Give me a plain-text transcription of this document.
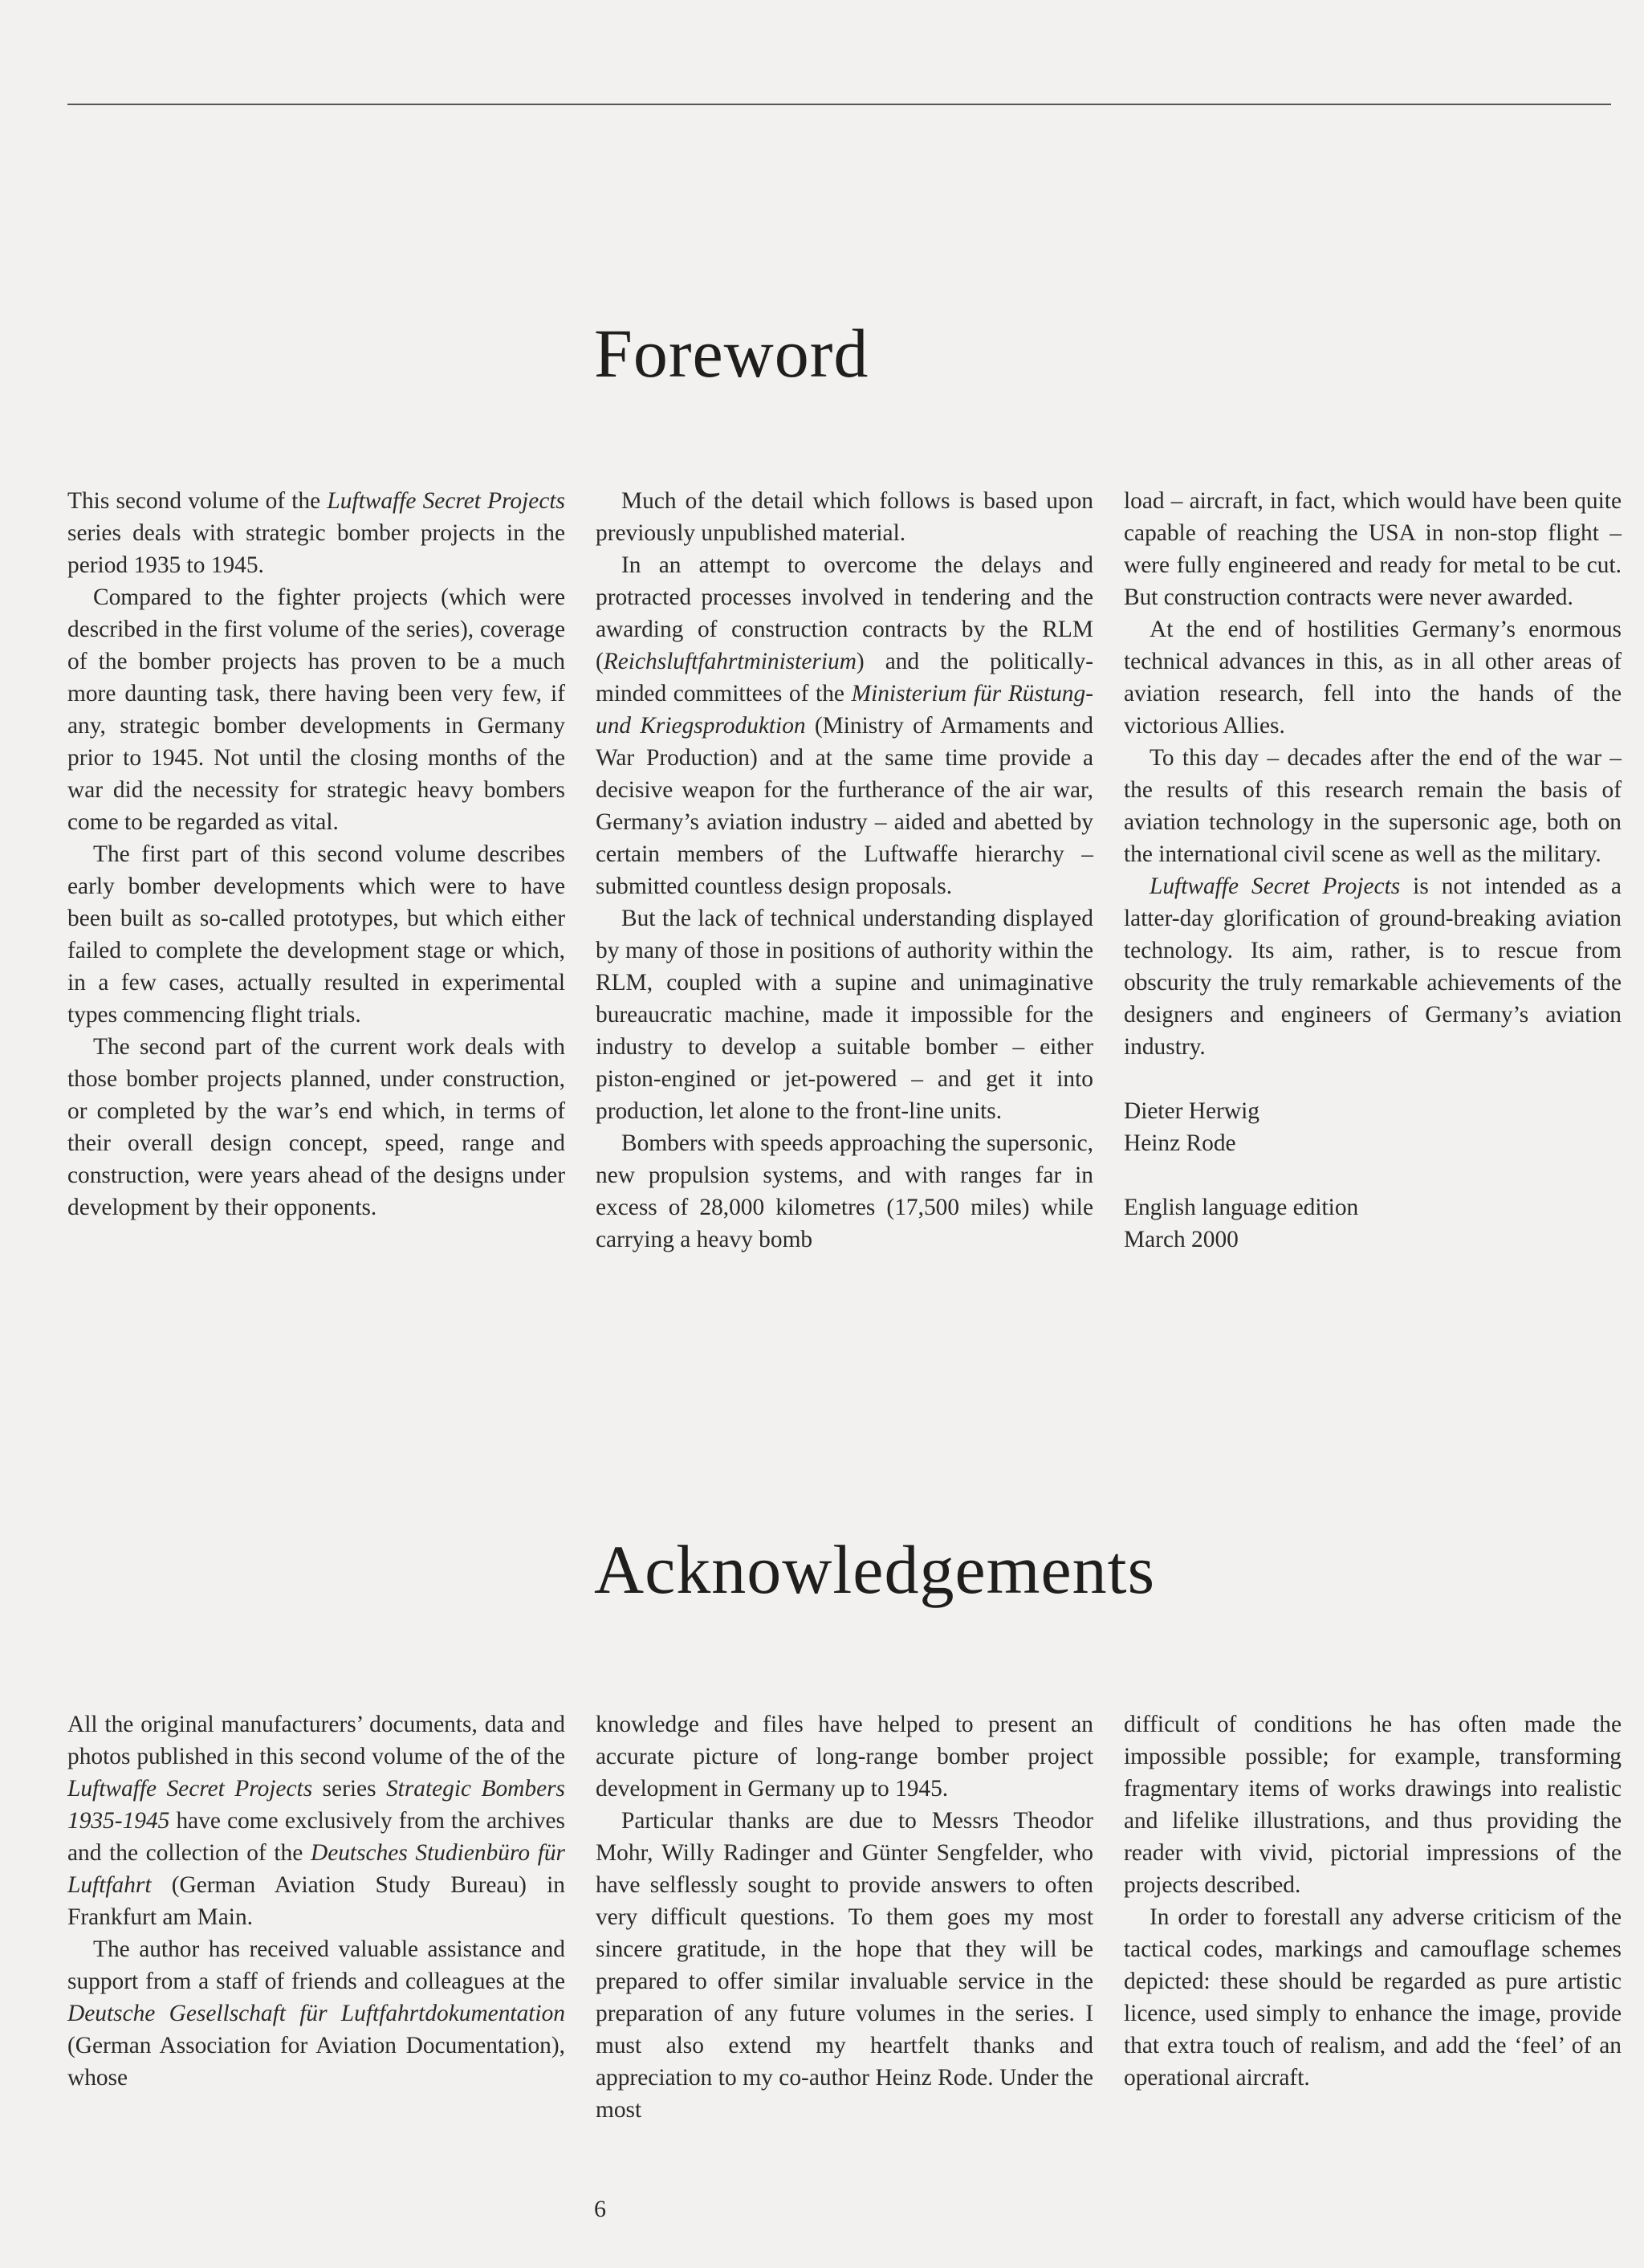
Foreword

This second volume of the Luftwaffe Secret Projects series deals with strategic bomber projects in the period 1935 to 1945.

Compared to the fighter projects (which were described in the first volume of the series), coverage of the bomber projects has proven to be a much more daunting task, there having been very few, if any, strategic bomber developments in Germany prior to 1945. Not until the closing months of the war did the necessity for strategic heavy bombers come to be regarded as vital.

The first part of this second volume describes early bomber developments which were to have been built as so-called prototypes, but which either failed to complete the development stage or which, in a few cases, actually resulted in experimental types commencing flight trials.

The second part of the current work deals with those bomber projects planned, under construction, or completed by the war’s end which, in terms of their overall design concept, speed, range and construction, were years ahead of the designs under development by their opponents.

Much of the detail which follows is based upon previously unpublished material.

In an attempt to overcome the delays and protracted processes involved in tendering and the awarding of construction contracts by the RLM (Reichsluftfahrtministerium) and the politically-minded committees of the Ministerium für Rüstung- und Kriegsproduktion (Ministry of Armaments and War Production) and at the same time provide a decisive weapon for the furtherance of the air war, Germany’s aviation industry – aided and abetted by certain members of the Luftwaffe hierarchy – submitted countless design proposals.

But the lack of technical understanding displayed by many of those in positions of authority within the RLM, coupled with a supine and unimaginative bureaucratic machine, made it impossible for the industry to develop a suitable bomber – either piston-engined or jet-powered – and get it into production, let alone to the front-line units.

Bombers with speeds approaching the supersonic, new propulsion systems, and with ranges far in excess of 28,000 kilometres (17,500 miles) while carrying a heavy bomb

load – aircraft, in fact, which would have been quite capable of reaching the USA in non-stop flight – were fully engineered and ready for metal to be cut. But construction contracts were never awarded.

At the end of hostilities Germany’s enormous technical advances in this, as in all other areas of aviation research, fell into the hands of the victorious Allies.

To this day – decades after the end of the war – the results of this research remain the basis of aviation technology in the supersonic age, both on the international civil scene as well as the military.

Luftwaffe Secret Projects is not intended as a latter-day glorification of ground-breaking aviation technology. Its aim, rather, is to rescue from obscurity the truly remarkable achievements of the designers and engineers of Germany’s aviation industry.

Dieter Herwig
Heinz Rode
English language edition
March 2000
Acknowledgements

All the original manufacturers’ documents, data and photos published in this second volume of the of the Luftwaffe Secret Projects series Strategic Bombers 1935-1945 have come exclusively from the archives and the collection of the Deutsches Studienbüro für Luftfahrt (German Aviation Study Bureau) in Frankfurt am Main.

The author has received valuable assistance and support from a staff of friends and colleagues at the Deutsche Gesellschaft für Luftfahrtdokumentation (German Association for Aviation Documentation), whose

knowledge and files have helped to present an accurate picture of long-range bomber project development in Germany up to 1945.

Particular thanks are due to Messrs Theodor Mohr, Willy Radinger and Günter Sengfelder, who have selflessly sought to provide answers to often very difficult questions. To them goes my most sincere gratitude, in the hope that they will be prepared to offer similar invaluable service in the preparation of any future volumes in the series. I must also extend my heartfelt thanks and appreciation to my co-author Heinz Rode. Under the most

difficult of conditions he has often made the impossible possible; for example, transforming fragmentary items of works drawings into realistic and lifelike illustrations, and thus providing the reader with vivid, pictorial impressions of the projects described.

In order to forestall any adverse criticism of the tactical codes, markings and camouflage schemes depicted: these should be regarded as pure artistic licence, used simply to enhance the image, provide that extra touch of realism, and add the ‘feel’ of an operational aircraft.

6
